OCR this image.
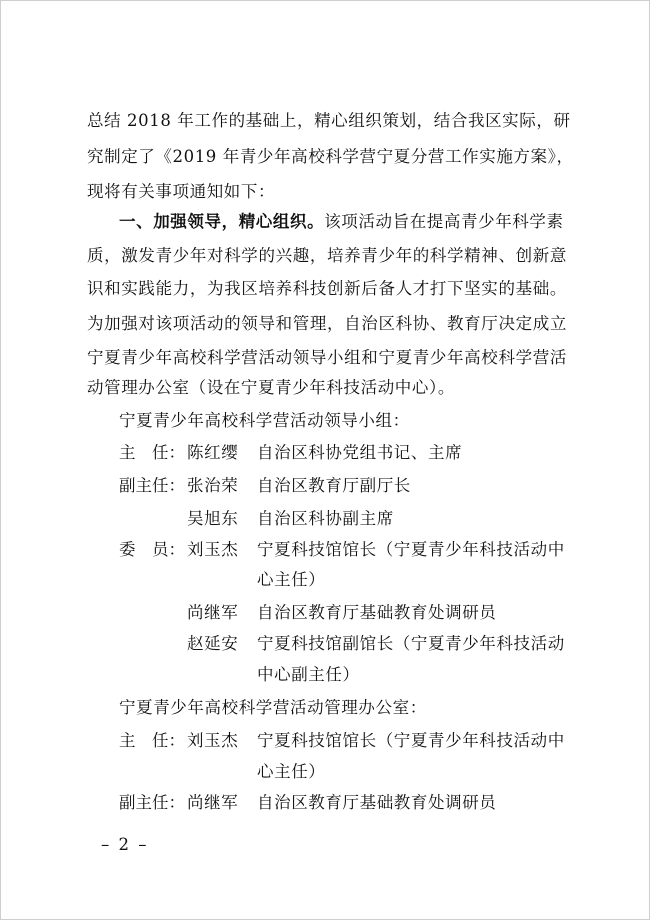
总结 2018 年工作的基础上，精心组织策划，结合我区实际，研
究制定了《2019 年青少年高校科学营宁夏分营工作实施方案》，
现将有关事项通知如下：
一、加强领导，精心组织。该项活动旨在提高青少年科学素
质，激发青少年对科学的兴趣，培养青少年的科学精神、创新意
识和实践能力，为我区培养科技创新后备人才打下坚实的基础。
为加强对该项活动的领导和管理，自治区科协、教育厅决定成立
宁夏青少年高校科学营活动领导小组和宁夏青少年高校科学营活
动管理办公室（设在宁夏青少年科技活动中心）。
宁夏青少年高校科学营活动领导小组：
主　任： 陈红缨 自治区科协党组书记、主席
副主任： 张治荣 自治区教育厅副厅长
吴旭东 自治区科协副主席
委　员： 刘玉杰 宁夏科技馆馆长（宁夏青少年科技活动中
心主任）
尚继军 自治区教育厅基础教育处调研员
赵延安 宁夏科技馆副馆长（宁夏青少年科技活动
中心副主任）
宁夏青少年高校科学营活动管理办公室：
主　任： 刘玉杰 宁夏科技馆馆长（宁夏青少年科技活动中
心主任）
副主任： 尚继军 自治区教育厅基础教育处调研员
– 2 –
